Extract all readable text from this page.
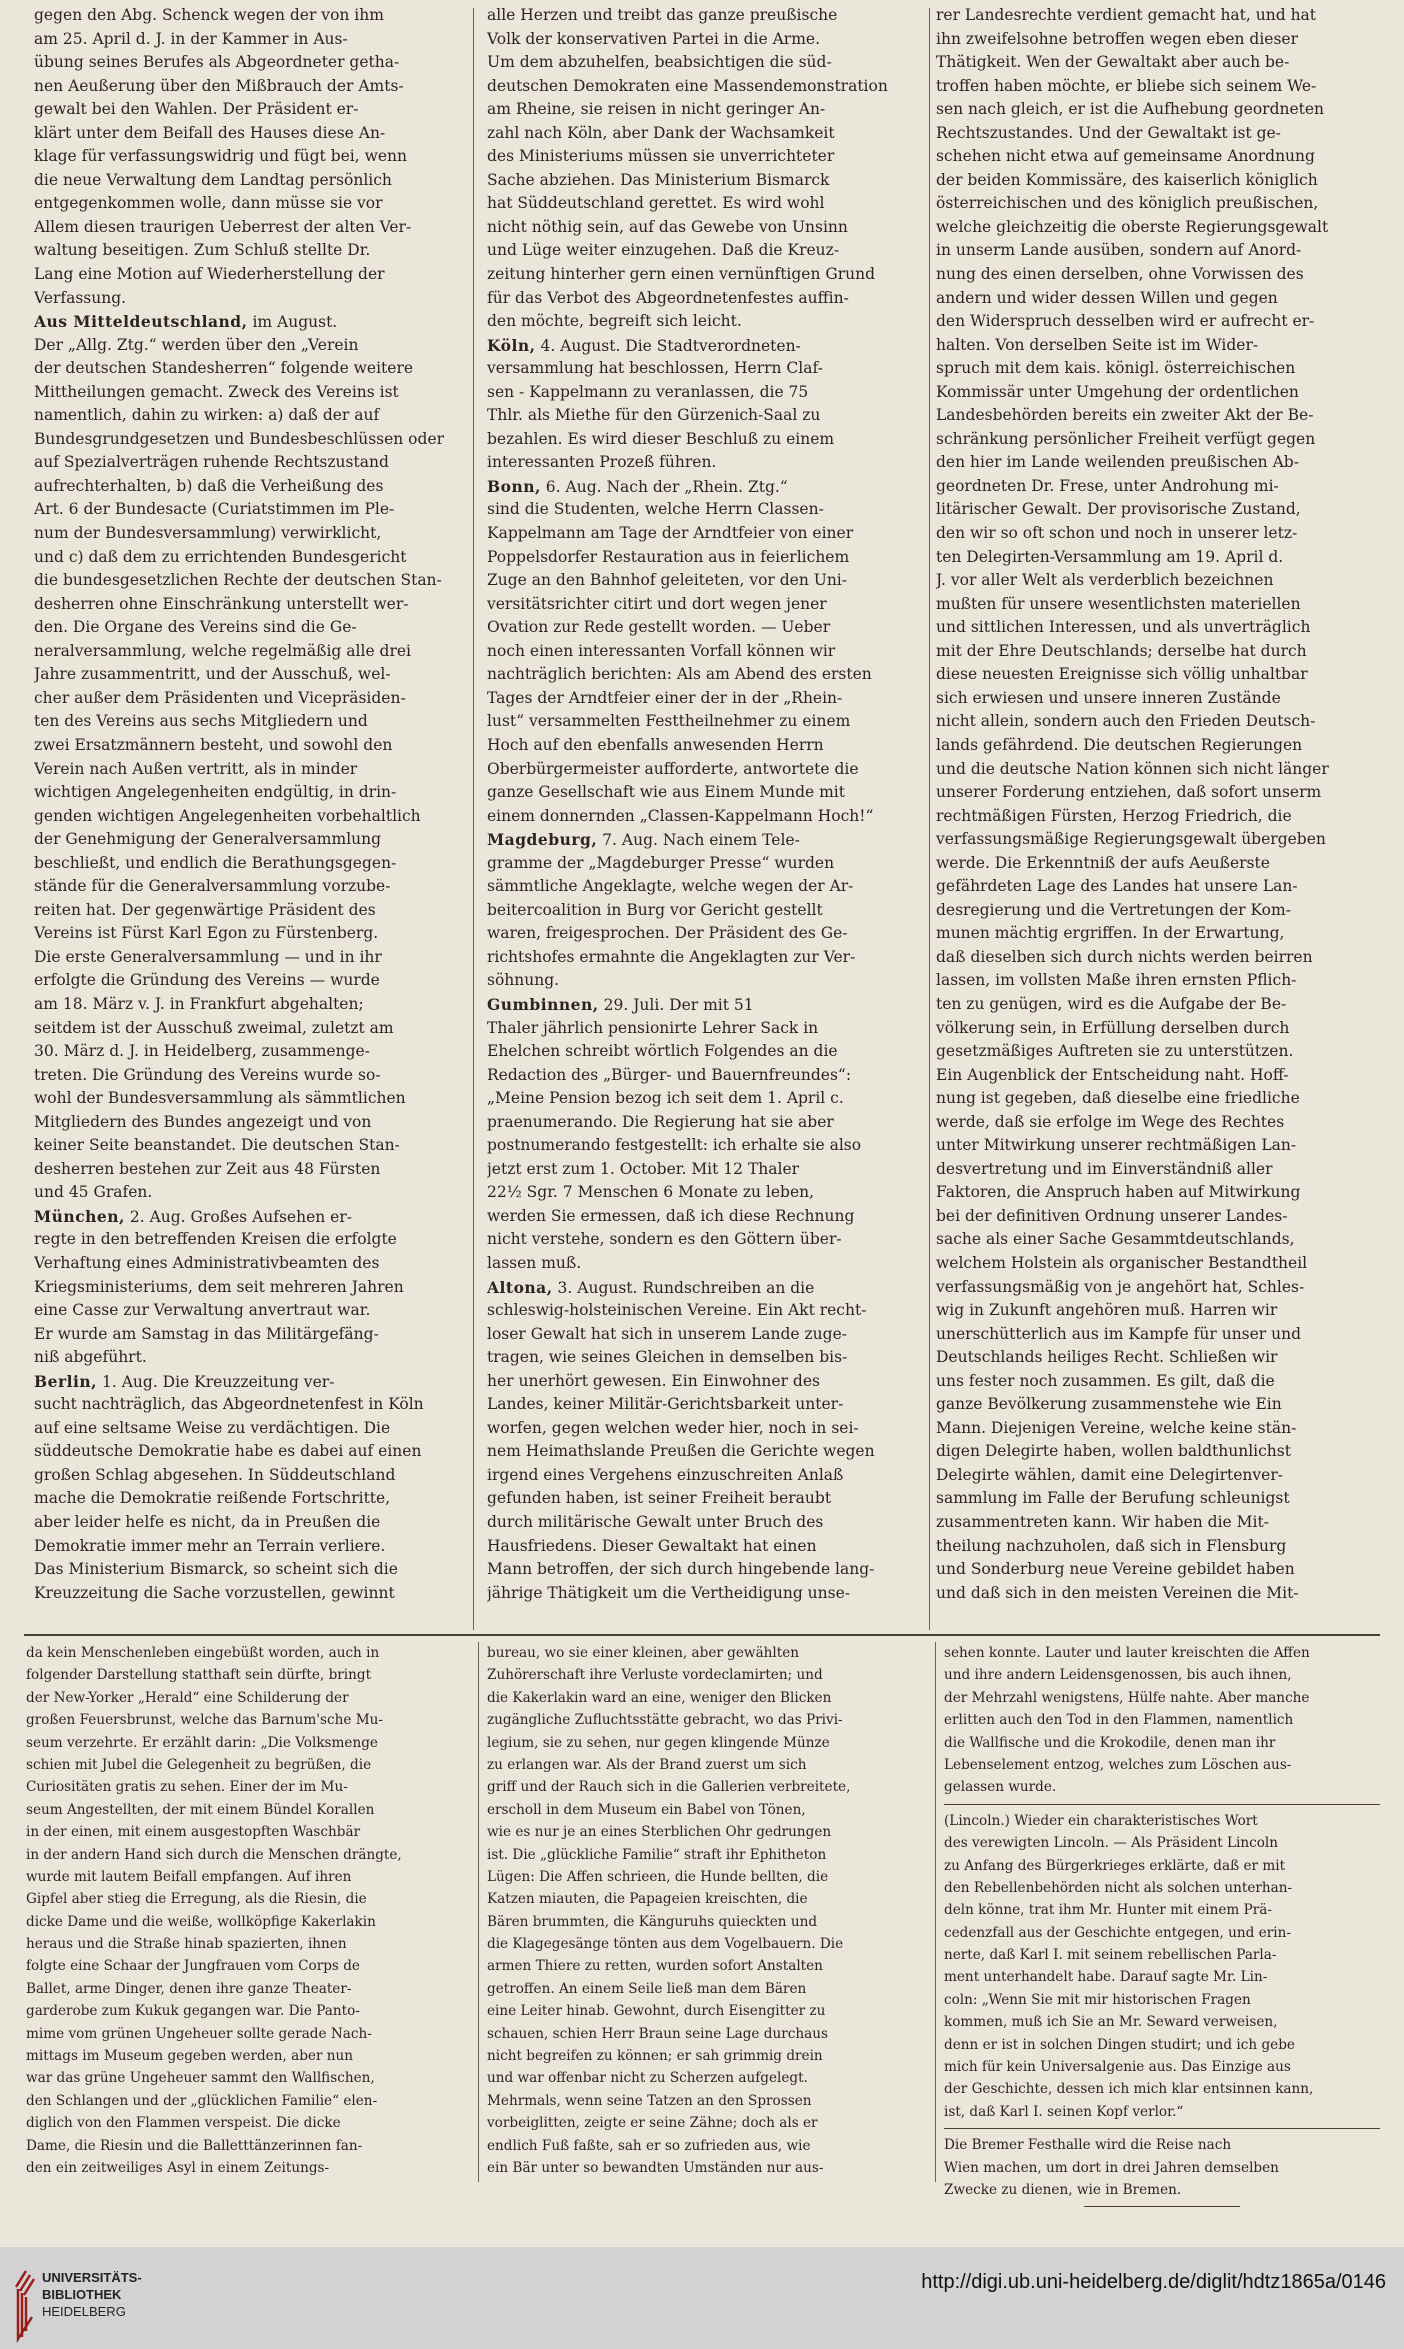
gegen den Abg. Schenck wegen der von ihm
am 25. April d. J. in der Kammer in Aus-
übung seines Berufes als Abgeordneter getha-
nen Aeußerung über den Mißbrauch der Amts-
gewalt bei den Wahlen. Der Präsident er-
klärt unter dem Beifall des Hauses diese An-
klage für verfassungswidrig und fügt bei, wenn
die neue Verwaltung dem Landtag persönlich
entgegenkommen wolle, dann müsse sie vor
Allem diesen traurigen Ueberrest der alten Ver-
waltung beseitigen. Zum Schluß stellte Dr.
Lang eine Motion auf Wiederherstellung der
Verfassung.
Aus Mitteldeutschland, im August.
Der „Allg. Ztg.“ werden über den „Verein
der deutschen Standesherren“ folgende weitere
Mittheilungen gemacht. Zweck des Vereins ist
namentlich, dahin zu wirken: a) daß der auf
Bundesgrundgesetzen und Bundesbeschlüssen oder
auf Spezialverträgen ruhende Rechtszustand
aufrechterhalten, b) daß die Verheißung des
Art. 6 der Bundesacte (Curiatstimmen im Ple-
num der Bundesversammlung) verwirklicht,
und c) daß dem zu errichtenden Bundesgericht
die bundesgesetzlichen Rechte der deutschen Stan-
desherren ohne Einschränkung unterstellt wer-
den. Die Organe des Vereins sind die Ge-
neralversammlung, welche regelmäßig alle drei
Jahre zusammentritt, und der Ausschuß, wel-
cher außer dem Präsidenten und Vicepräsiden-
ten des Vereins aus sechs Mitgliedern und
zwei Ersatzmännern besteht, und sowohl den
Verein nach Außen vertritt, als in minder
wichtigen Angelegenheiten endgültig, in drin-
genden wichtigen Angelegenheiten vorbehaltlich
der Genehmigung der Generalversammlung
beschließt, und endlich die Berathungsgegen-
stände für die Generalversammlung vorzube-
reiten hat. Der gegenwärtige Präsident des
Vereins ist Fürst Karl Egon zu Fürstenberg.
Die erste Generalversammlung — und in ihr
erfolgte die Gründung des Vereins — wurde
am 18. März v. J. in Frankfurt abgehalten;
seitdem ist der Ausschuß zweimal, zuletzt am
30. März d. J. in Heidelberg, zusammenge-
treten. Die Gründung des Vereins wurde so-
wohl der Bundesversammlung als sämmtlichen
Mitgliedern des Bundes angezeigt und von
keiner Seite beanstandet. Die deutschen Stan-
desherren bestehen zur Zeit aus 48 Fürsten
und 45 Grafen.
München, 2. Aug. Großes Aufsehen er-
regte in den betreffenden Kreisen die erfolgte
Verhaftung eines Administrativbeamten des
Kriegsministeriums, dem seit mehreren Jahren
eine Casse zur Verwaltung anvertraut war.
Er wurde am Samstag in das Militärgefäng-
niß abgeführt.
Berlin, 1. Aug. Die Kreuzzeitung ver-
sucht nachträglich, das Abgeordnetenfest in Köln
auf eine seltsame Weise zu verdächtigen. Die
süddeutsche Demokratie habe es dabei auf einen
großen Schlag abgesehen. In Süddeutschland
mache die Demokratie reißende Fortschritte,
aber leider helfe es nicht, da in Preußen die
Demokratie immer mehr an Terrain verliere.
Das Ministerium Bismarck, so scheint sich die
Kreuzzeitung die Sache vorzustellen, gewinnt
alle Herzen und treibt das ganze preußische
Volk der konservativen Partei in die Arme.
Um dem abzuhelfen, beabsichtigen die süd-
deutschen Demokraten eine Massendemonstration
am Rheine, sie reisen in nicht geringer An-
zahl nach Köln, aber Dank der Wachsamkeit
des Ministeriums müssen sie unverrichteter
Sache abziehen. Das Ministerium Bismarck
hat Süddeutschland gerettet. Es wird wohl
nicht nöthig sein, auf das Gewebe von Unsinn
und Lüge weiter einzugehen. Daß die Kreuz-
zeitung hinterher gern einen vernünftigen Grund
für das Verbot des Abgeordnetenfestes auffin-
den möchte, begreift sich leicht.
Köln, 4. August. Die Stadtverordneten-
versammlung hat beschlossen, Herrn Claf-
sen - Kappelmann zu veranlassen, die 75
Thlr. als Miethe für den Gürzenich-Saal zu
bezahlen. Es wird dieser Beschluß zu einem
interessanten Prozeß führen.
Bonn, 6. Aug. Nach der „Rhein. Ztg.“
sind die Studenten, welche Herrn Classen-
Kappelmann am Tage der Arndtfeier von einer
Poppelsdorfer Restauration aus in feierlichem
Zuge an den Bahnhof geleiteten, vor den Uni-
versitätsrichter citirt und dort wegen jener
Ovation zur Rede gestellt worden. — Ueber
noch einen interessanten Vorfall können wir
nachträglich berichten: Als am Abend des ersten
Tages der Arndtfeier einer der in der „Rhein-
lust“ versammelten Festtheilnehmer zu einem
Hoch auf den ebenfalls anwesenden Herrn
Oberbürgermeister aufforderte, antwortete die
ganze Gesellschaft wie aus Einem Munde mit
einem donnernden „Classen-Kappelmann Hoch!“
Magdeburg, 7. Aug. Nach einem Tele-
gramme der „Magdeburger Presse“ wurden
sämmtliche Angeklagte, welche wegen der Ar-
beitercoalition in Burg vor Gericht gestellt
waren, freigesprochen. Der Präsident des Ge-
richtshofes ermahnte die Angeklagten zur Ver-
söhnung.
Gumbinnen, 29. Juli. Der mit 51
Thaler jährlich pensionirte Lehrer Sack in
Ehelchen schreibt wörtlich Folgendes an die
Redaction des „Bürger- und Bauernfreundes“:
„Meine Pension bezog ich seit dem 1. April c.
praenumerando. Die Regierung hat sie aber
postnumerando festgestellt: ich erhalte sie also
jetzt erst zum 1. October. Mit 12 Thaler
22½ Sgr. 7 Menschen 6 Monate zu leben,
werden Sie ermessen, daß ich diese Rechnung
nicht verstehe, sondern es den Göttern über-
lassen muß.
Altona, 3. August. Rundschreiben an die
schleswig-holsteinischen Vereine. Ein Akt recht-
loser Gewalt hat sich in unserem Lande zuge-
tragen, wie seines Gleichen in demselben bis-
her unerhört gewesen. Ein Einwohner des
Landes, keiner Militär-Gerichtsbarkeit unter-
worfen, gegen welchen weder hier, noch in sei-
nem Heimathslande Preußen die Gerichte wegen
irgend eines Vergehens einzuschreiten Anlaß
gefunden haben, ist seiner Freiheit beraubt
durch militärische Gewalt unter Bruch des
Hausfriedens. Dieser Gewaltakt hat einen
Mann betroffen, der sich durch hingebende lang-
jährige Thätigkeit um die Vertheidigung unse-
rer Landesrechte verdient gemacht hat, und hat
ihn zweifelsohne betroffen wegen eben dieser
Thätigkeit. Wen der Gewaltakt aber auch be-
troffen haben möchte, er bliebe sich seinem We-
sen nach gleich, er ist die Aufhebung geordneten
Rechtszustandes. Und der Gewaltakt ist ge-
schehen nicht etwa auf gemeinsame Anordnung
der beiden Kommissäre, des kaiserlich königlich
österreichischen und des königlich preußischen,
welche gleichzeitig die oberste Regierungsgewalt
in unserm Lande ausüben, sondern auf Anord-
nung des einen derselben, ohne Vorwissen des
andern und wider dessen Willen und gegen
den Widerspruch desselben wird er aufrecht er-
halten. Von derselben Seite ist im Wider-
spruch mit dem kais. königl. österreichischen
Kommissär unter Umgehung der ordentlichen
Landesbehörden bereits ein zweiter Akt der Be-
schränkung persönlicher Freiheit verfügt gegen
den hier im Lande weilenden preußischen Ab-
geordneten Dr. Frese, unter Androhung mi-
litärischer Gewalt. Der provisorische Zustand,
den wir so oft schon und noch in unserer letz-
ten Delegirten-Versammlung am 19. April d.
J. vor aller Welt als verderblich bezeichnen
mußten für unsere wesentlichsten materiellen
und sittlichen Interessen, und als unverträglich
mit der Ehre Deutschlands; derselbe hat durch
diese neuesten Ereignisse sich völlig unhaltbar
sich erwiesen und unsere inneren Zustände
nicht allein, sondern auch den Frieden Deutsch-
lands gefährdend. Die deutschen Regierungen
und die deutsche Nation können sich nicht länger
unserer Forderung entziehen, daß sofort unserm
rechtmäßigen Fürsten, Herzog Friedrich, die
verfassungsmäßige Regierungsgewalt übergeben
werde. Die Erkenntniß der aufs Aeußerste
gefährdeten Lage des Landes hat unsere Lan-
desregierung und die Vertretungen der Kom-
munen mächtig ergriffen. In der Erwartung,
daß dieselben sich durch nichts werden beirren
lassen, im vollsten Maße ihren ernsten Pflich-
ten zu genügen, wird es die Aufgabe der Be-
völkerung sein, in Erfüllung derselben durch
gesetzmäßiges Auftreten sie zu unterstützen.
Ein Augenblick der Entscheidung naht. Hoff-
nung ist gegeben, daß dieselbe eine friedliche
werde, daß sie erfolge im Wege des Rechtes
unter Mitwirkung unserer rechtmäßigen Lan-
desvertretung und im Einverständniß aller
Faktoren, die Anspruch haben auf Mitwirkung
bei der definitiven Ordnung unserer Landes-
sache als einer Sache Gesammtdeutschlands,
welchem Holstein als organischer Bestandtheil
verfassungsmäßig von je angehört hat, Schles-
wig in Zukunft angehören muß. Harren wir
unerschütterlich aus im Kampfe für unser und
Deutschlands heiliges Recht. Schließen wir
uns fester noch zusammen. Es gilt, daß die
ganze Bevölkerung zusammenstehe wie Ein
Mann. Diejenigen Vereine, welche keine stän-
digen Delegirte haben, wollen baldthunlichst
Delegirte wählen, damit eine Delegirtenver-
sammlung im Falle der Berufung schleunigst
zusammentreten kann. Wir haben die Mit-
theilung nachzuholen, daß sich in Flensburg
und Sonderburg neue Vereine gebildet haben
und daß sich in den meisten Vereinen die Mit-
da kein Menschenleben eingebüßt worden, auch in
folgender Darstellung statthaft sein dürfte, bringt
der New-Yorker „Herald“ eine Schilderung der
großen Feuersbrunst, welche das Barnum'sche Mu-
seum verzehrte. Er erzählt darin: „Die Volksmenge
schien mit Jubel die Gelegenheit zu begrüßen, die
Curiositäten gratis zu sehen. Einer der im Mu-
seum Angestellten, der mit einem Bündel Korallen
in der einen, mit einem ausgestopften Waschbär
in der andern Hand sich durch die Menschen drängte,
wurde mit lautem Beifall empfangen. Auf ihren
Gipfel aber stieg die Erregung, als die Riesin, die
dicke Dame und die weiße, wollköpfige Kakerlakin
heraus und die Straße hinab spazierten, ihnen
folgte eine Schaar der Jungfrauen vom Corps de
Ballet, arme Dinger, denen ihre ganze Theater-
garderobe zum Kukuk gegangen war. Die Panto-
mime vom grünen Ungeheuer sollte gerade Nach-
mittags im Museum gegeben werden, aber nun
war das grüne Ungeheuer sammt den Wallfischen,
den Schlangen und der „glücklichen Familie“ elen-
diglich von den Flammen verspeist. Die dicke
Dame, die Riesin und die Balletttänzerinnen fan-
den ein zeitweiliges Asyl in einem Zeitungs-
bureau, wo sie einer kleinen, aber gewählten
Zuhörerschaft ihre Verluste vordeclamirten; und
die Kakerlakin ward an eine, weniger den Blicken
zugängliche Zufluchtsstätte gebracht, wo das Privi-
legium, sie zu sehen, nur gegen klingende Münze
zu erlangen war. Als der Brand zuerst um sich
griff und der Rauch sich in die Gallerien verbreitete,
erscholl in dem Museum ein Babel von Tönen,
wie es nur je an eines Sterblichen Ohr gedrungen
ist. Die „glückliche Familie“ straft ihr Ephitheton
Lügen: Die Affen schrieen, die Hunde bellten, die
Katzen miauten, die Papageien kreischten, die
Bären brummten, die Känguruhs quieckten und
die Klagegesänge tönten aus dem Vogelbauern. Die
armen Thiere zu retten, wurden sofort Anstalten
getroffen. An einem Seile ließ man dem Bären
eine Leiter hinab. Gewohnt, durch Eisengitter zu
schauen, schien Herr Braun seine Lage durchaus
nicht begreifen zu können; er sah grimmig drein
und war offenbar nicht zu Scherzen aufgelegt.
Mehrmals, wenn seine Tatzen an den Sprossen
vorbeiglitten, zeigte er seine Zähne; doch als er
endlich Fuß faßte, sah er so zufrieden aus, wie
ein Bär unter so bewandten Umständen nur aus-
sehen konnte. Lauter und lauter kreischten die Affen
und ihre andern Leidensgenossen, bis auch ihnen,
der Mehrzahl wenigstens, Hülfe nahte. Aber manche
erlitten auch den Tod in den Flammen, namentlich
die Wallfische und die Krokodile, denen man ihr
Lebenselement entzog, welches zum Löschen aus-
gelassen wurde.
(Lincoln.) Wieder ein charakteristisches Wort
des verewigten Lincoln. — Als Präsident Lincoln
zu Anfang des Bürgerkrieges erklärte, daß er mit
den Rebellenbehörden nicht als solchen unterhan-
deln könne, trat ihm Mr. Hunter mit einem Prä-
cedenzfall aus der Geschichte entgegen, und erin-
nerte, daß Karl I. mit seinem rebellischen Parla-
ment unterhandelt habe. Darauf sagte Mr. Lin-
coln: „Wenn Sie mit mir historischen Fragen
kommen, muß ich Sie an Mr. Seward verweisen,
denn er ist in solchen Dingen studirt; und ich gebe
mich für kein Universalgenie aus. Das Einzige aus
der Geschichte, dessen ich mich klar entsinnen kann,
ist, daß Karl I. seinen Kopf verlor.“
Die Bremer Festhalle wird die Reise nach
Wien machen, um dort in drei Jahren demselben
Zwecke zu dienen, wie in Bremen.
UNIVERSITÄTS-
BIBLIOTHEK
HEIDELBERG
http://digi.ub.uni-heidelberg.de/diglit/hdtz1865a/0146
